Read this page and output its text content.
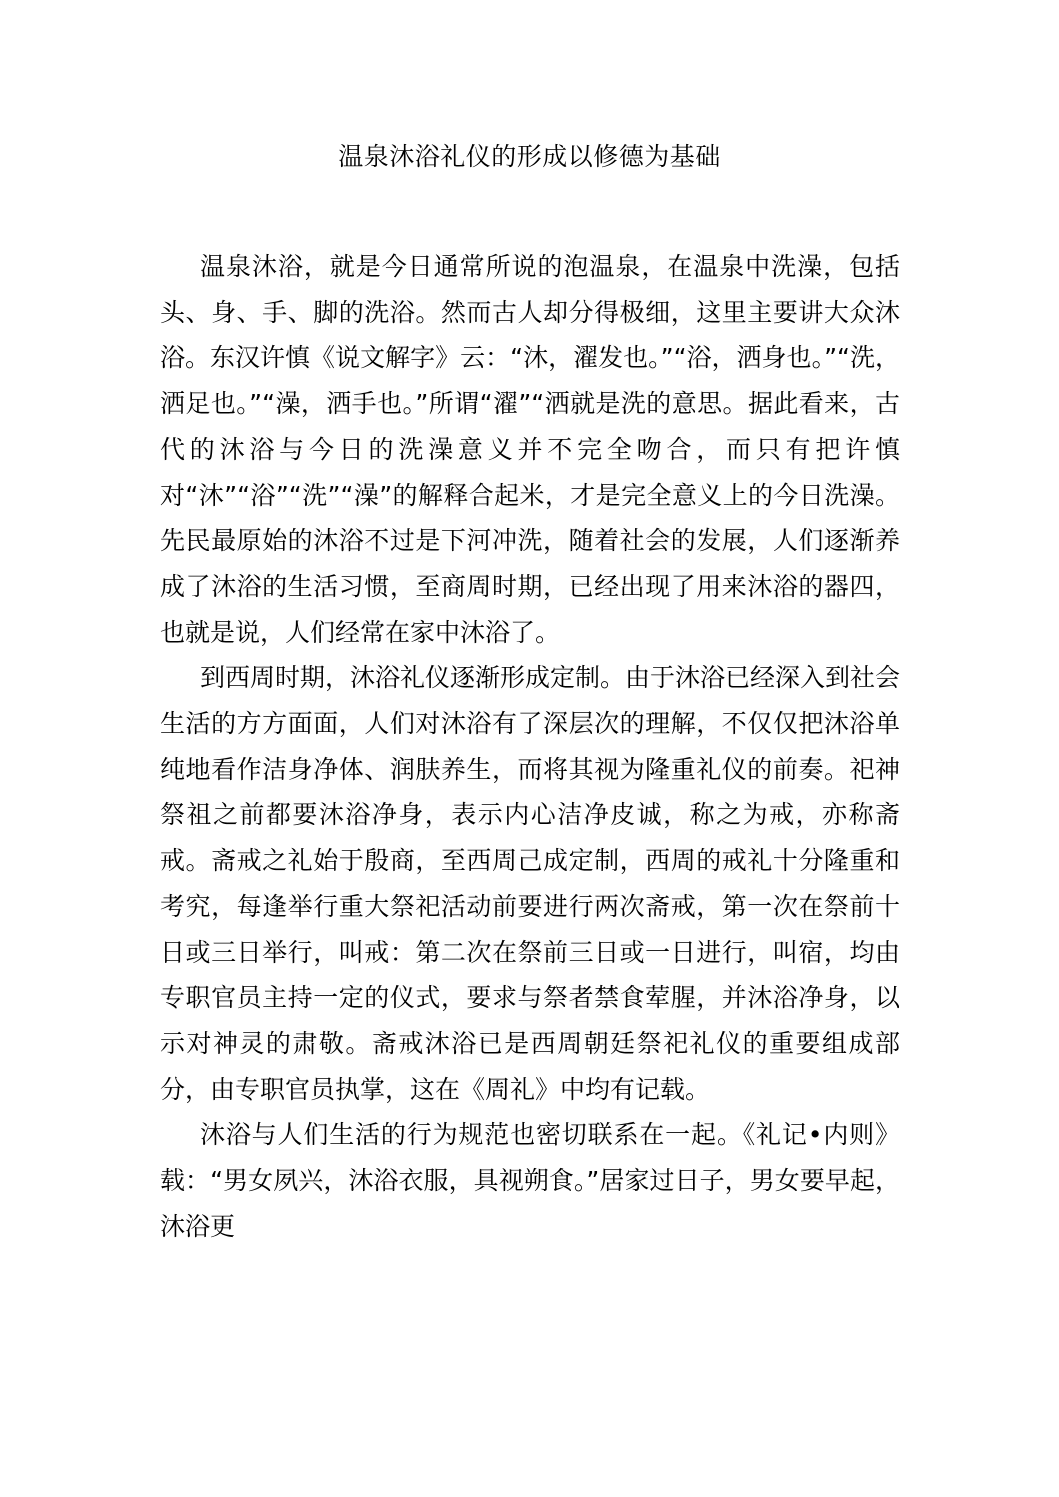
温泉沐浴礼仪的形成以修德为基础

温泉沐浴，就是今日通常所说的泡温泉，在温泉中洗澡，包括头、身、手、脚的洗浴。然而古人却分得极细，这里主要讲大众沐浴。东汉许慎《说文解字》云：“沐，濯发也。”“浴，洒身也。”“洗，洒足也。”“澡，洒手也。”所谓“濯”“洒就是洗的意思。据此看来，古代的沐浴与今日的洗澡意义并不完全吻合，而只有把许慎对“沐”“浴”“洗”“澡”的解释合起米，才是完全意义上的今日洗澡。先民最原始的沐浴不过是下河冲洗，随着社会的发展，人们逐渐养成了沐浴的生活习惯，至商周时期，已经出现了用来沐浴的器四，也就是说，人们经常在家中沐浴了。

到西周时期，沐浴礼仪逐渐形成定制。由于沐浴已经深入到社会生活的方方面面，人们对沐浴有了深层次的理解，不仅仅把沐浴单纯地看作洁身净体、润肤养生，而将其视为隆重礼仪的前奏。祀神祭祖之前都要沐浴净身，表示内心洁净皮诚，称之为戒，亦称斋戒。斋戒之礼始于殷商，至西周己成定制，西周的戒礼十分隆重和考究，每逢举行重大祭祀活动前要进行两次斋戒，第一次在祭前十日或三日举行，叫戒：第二次在祭前三日或一日进行，叫宿，均由专职官员主持一定的仪式，要求与祭者禁食荤腥，并沐浴净身，以示对神灵的肃敬。斋戒沐浴已是西周朝廷祭祀礼仪的重要组成部分，由专职官员执掌，这在《周礼》中均有记载。

沐浴与人们生活的行为规范也密切联系在一起。《礼记•内则》载：“男女夙兴，沐浴衣服，具视朔食。”居家过日子，男女要早起，沐浴更
